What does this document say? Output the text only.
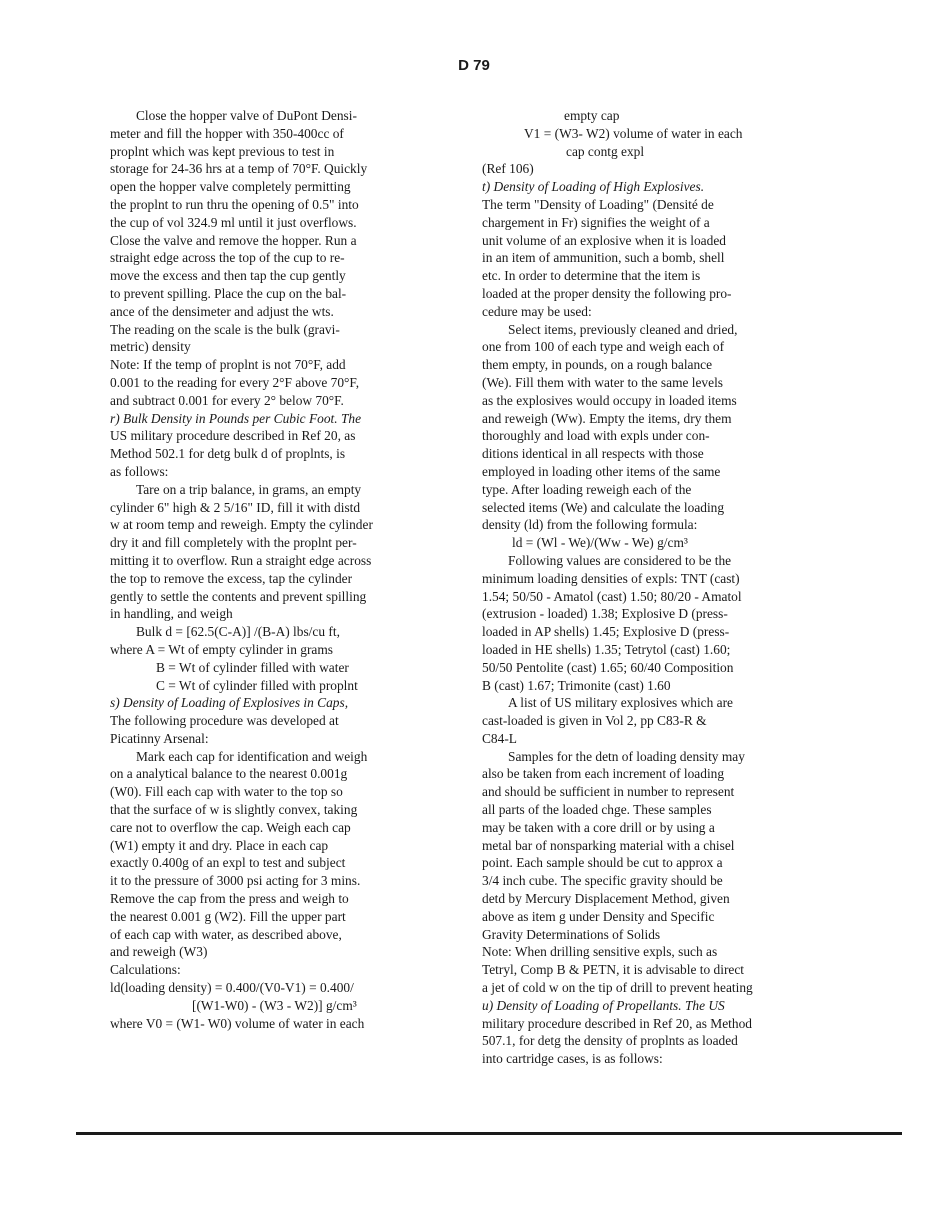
D 79
Close the hopper valve of DuPont Densi-
meter and fill the hopper with 350-400cc of
proplnt which was kept previous to test in
storage for 24-36 hrs at a temp of 70°F. Quickly
open the hopper valve completely permitting
the proplnt to run thru the opening of 0.5" into
the cup of vol 324.9 ml until it just overflows.
Close the valve and remove the hopper. Run a
straight edge across the top of the cup to re-
move the excess and then tap the cup gently
to prevent spilling. Place the cup on the bal-
ance of the densimeter and adjust the wts.
The reading on the scale is the bulk (gravi-
metric) density
Note: If the temp of proplnt is not 70°F, add
0.001 to the reading for every 2°F above 70°F,
and subtract 0.001 for every 2° below 70°F.
r) Bulk Density in Pounds per Cubic Foot. The
US military procedure described in Ref 20, as
Method 502.1 for detg bulk d of proplnts, is
as follows:
Tare on a trip balance, in grams, an empty
cylinder 6" high & 2 5/16" ID, fill it with distd
w at room temp and reweigh. Empty the cylinder
dry it and fill completely with the proplnt per-
mitting it to overflow. Run a straight edge across
the top to remove the excess, tap the cylinder
gently to settle the contents and prevent spilling
in handling, and weigh
Bulk d = [62.5(C-A)] /(B-A) lbs/cu ft,
where A = Wt of empty cylinder in grams
B = Wt of cylinder filled with water
C = Wt of cylinder filled with proplnt
s) Density of Loading of Explosives in Caps,
The following procedure was developed at
Picatinny Arsenal:
Mark each cap for identification and weigh
on a analytical balance to the nearest 0.001g
(W0). Fill each cap with water to the top so
that the surface of w is slightly convex, taking
care not to overflow the cap. Weigh each cap
(W1) empty it and dry. Place in each cap
exactly 0.400g of an expl to test and subject
it to the pressure of 3000 psi acting for 3 mins.
Remove the cap from the press and weigh to
the nearest 0.001 g (W2). Fill the upper part
of each cap with water, as described above,
and reweigh (W3)
Calculations:
ld(loading density) = 0.400/(V0-V1) = 0.400/
[(W1-W0) - (W3 - W2)] g/cm³
where V0 = (W1- W0) volume of water in each
empty cap
V1 = (W3- W2) volume of water in each
cap contg expl
(Ref 106)
t) Density of Loading of High Explosives.
The term "Density of Loading" (Densité de
chargement in Fr) signifies the weight of a
unit volume of an explosive when it is loaded
in an item of ammunition, such a bomb, shell
etc. In order to determine that the item is
loaded at the proper density the following pro-
cedure may be used:
Select items, previously cleaned and dried,
one from 100 of each type and weigh each of
them empty, in pounds, on a rough balance
(We). Fill them with water to the same levels
as the explosives would occupy in loaded items
and reweigh (Ww). Empty the items, dry them
thoroughly and load with expls under con-
ditions identical in all respects with those
employed in loading other items of the same
type. After loading reweigh each of the
selected items (We) and calculate the loading
density (ld) from the following formula:
ld = (Wl - We)/(Ww - We) g/cm³
Following values are considered to be the
minimum loading densities of expls: TNT (cast)
1.54; 50/50 - Amatol (cast) 1.50; 80/20 - Amatol
(extrusion - loaded) 1.38; Explosive D (press-
loaded in AP shells) 1.45; Explosive D (press-
loaded in HE shells) 1.35; Tetrytol (cast) 1.60;
50/50 Pentolite (cast) 1.65; 60/40 Composition
B (cast) 1.67; Trimonite (cast) 1.60
A list of US military explosives which are
cast-loaded is given in Vol 2, pp C83-R &
C84-L
Samples for the detn of loading density may
also be taken from each increment of loading
and should be sufficient in number to represent
all parts of the loaded chge. These samples
may be taken with a core drill or by using a
metal bar of nonsparking material with a chisel
point. Each sample should be cut to approx a
3/4 inch cube. The specific gravity should be
detd by Mercury Displacement Method, given
above as item g under Density and Specific
Gravity Determinations of Solids
Note: When drilling sensitive expls, such as
Tetryl, Comp B & PETN, it is advisable to direct
a jet of cold w on the tip of drill to prevent heating
u) Density of Loading of Propellants. The US
military procedure described in Ref 20, as Method
507.1, for detg the density of proplnts as loaded
into cartridge cases, is as follows:
